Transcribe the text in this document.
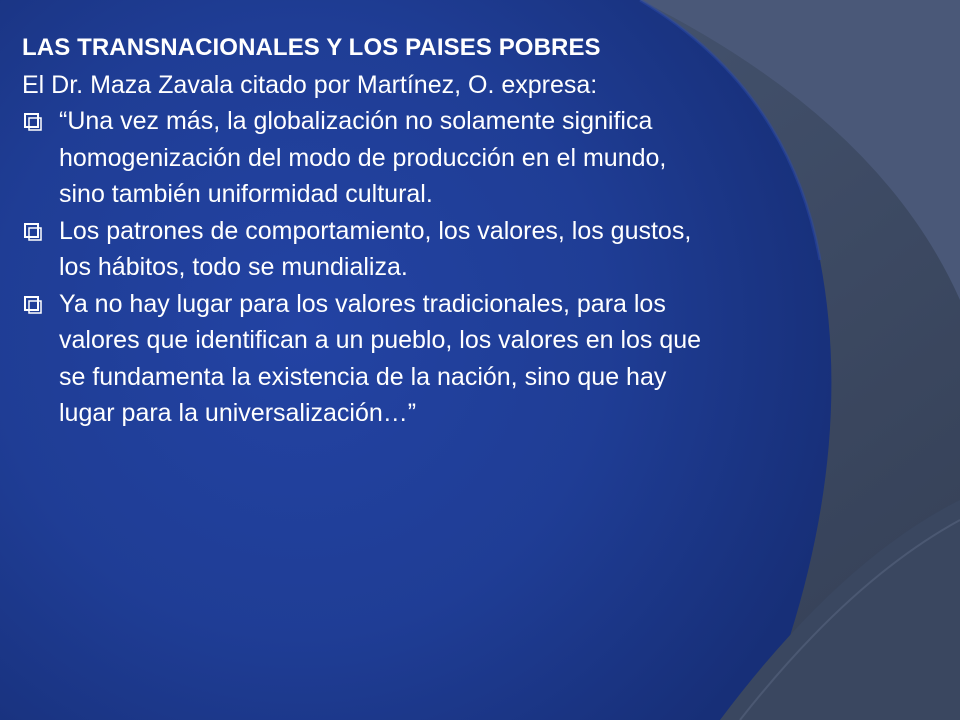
LAS TRANSNACIONALES Y LOS PAISES POBRES
El Dr. Maza Zavala citado por Martínez, O. expresa:
“Una vez más, la globalización no solamente significa homogenización del modo de producción en el mundo, sino también uniformidad cultural.
Los patrones de comportamiento, los valores, los gustos, los hábitos, todo se mundializa.
Ya no hay lugar para los valores tradicionales, para los valores que identifican a un pueblo, los valores en los que se fundamenta la existencia de la nación, sino que hay lugar para la universalización…”
